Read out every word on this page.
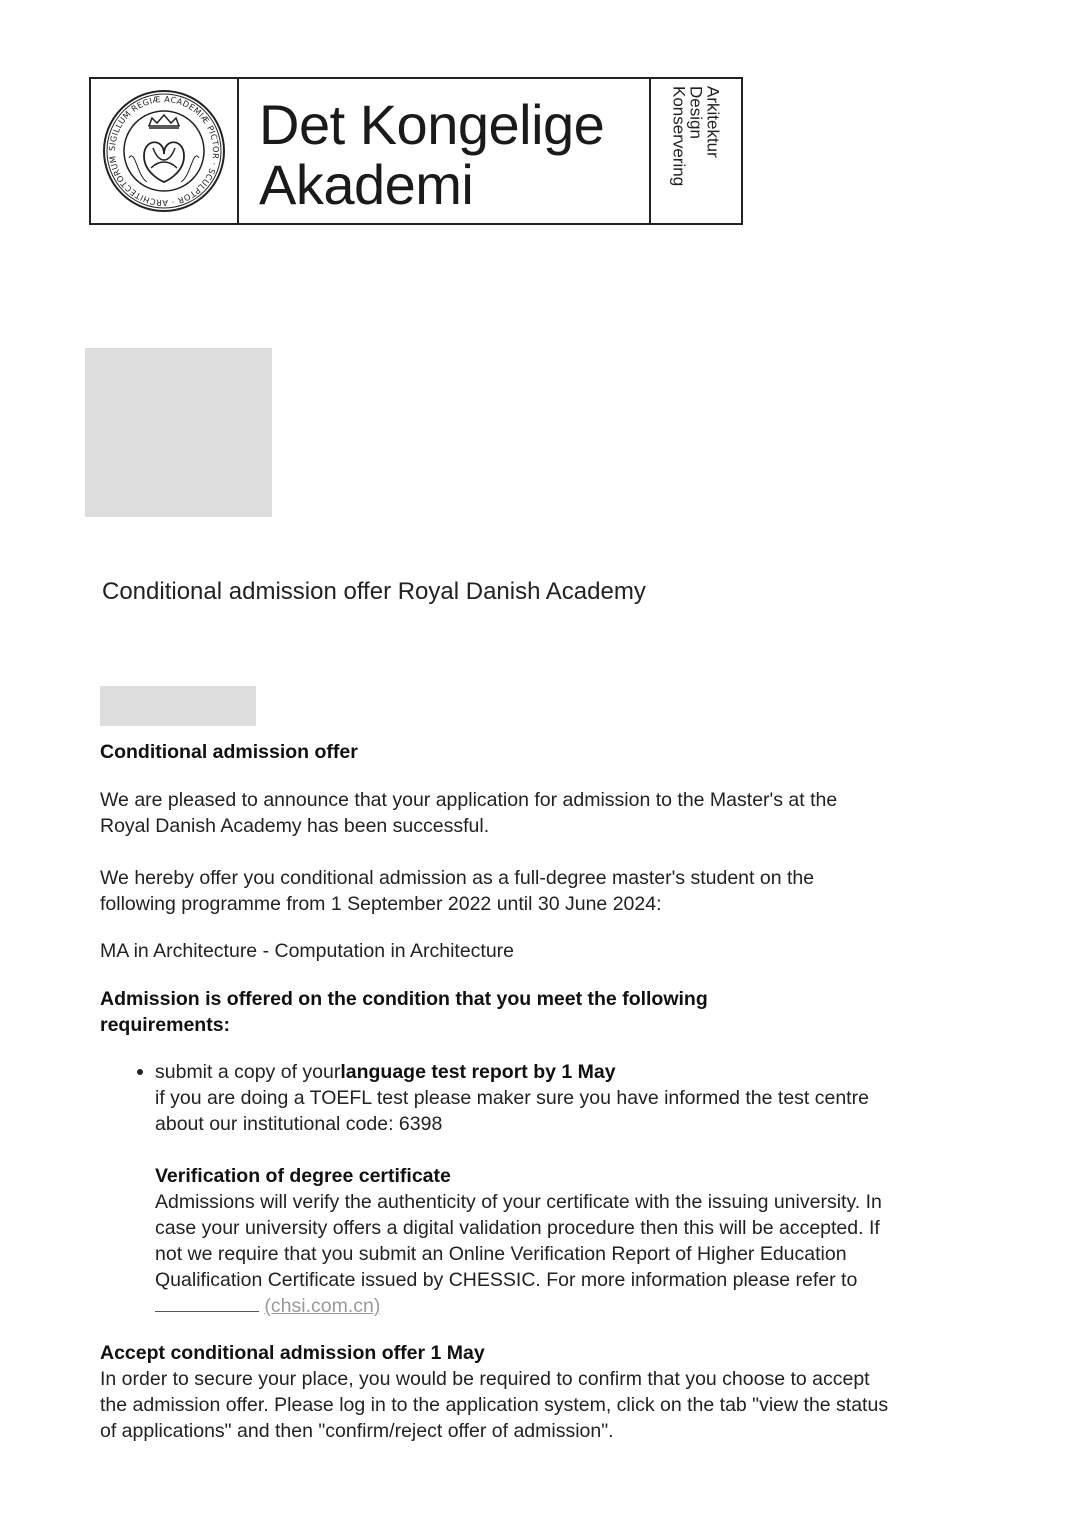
SIGILLUM REGIÆ ACADEMIÆ PICTOR · SCULPTOR · ARCHITECTORUM
Det Kongelige
Akademi
Arkitektur
Design
Konservering
Conditional admission offer Royal Danish Academy
Conditional admission offer

We are pleased to announce that your application for admission to the Master's at the Royal Danish Academy has been successful.

We hereby offer you conditional admission as a full-degree master's student on the following programme from 1 September 2022 until 30 June 2024:

MA in Architecture - Computation in Architecture

Admission is offered on the condition that you meet the following requirements:

submit a copy of yourlanguage test report by 1 May
if you are doing a TOEFL test please maker sure you have informed the test centre about our institutional code: 6398
Verification of degree certificate
Admissions will verify the authenticity of your certificate with the issuing university. In case your university offers a digital validation procedure then this will be accepted. If not we require that you submit an Online Verification Report of Higher Education Qualification Certificate issued by CHESSIC. For more information please refer to  (chsi.com.cn)
Accept conditional admission offer 1 May

In order to secure your place, you would be required to confirm that you choose to accept the admission offer. Please log in to the application system, click on the tab "view the status of applications" and then "confirm/reject offer of admission".
